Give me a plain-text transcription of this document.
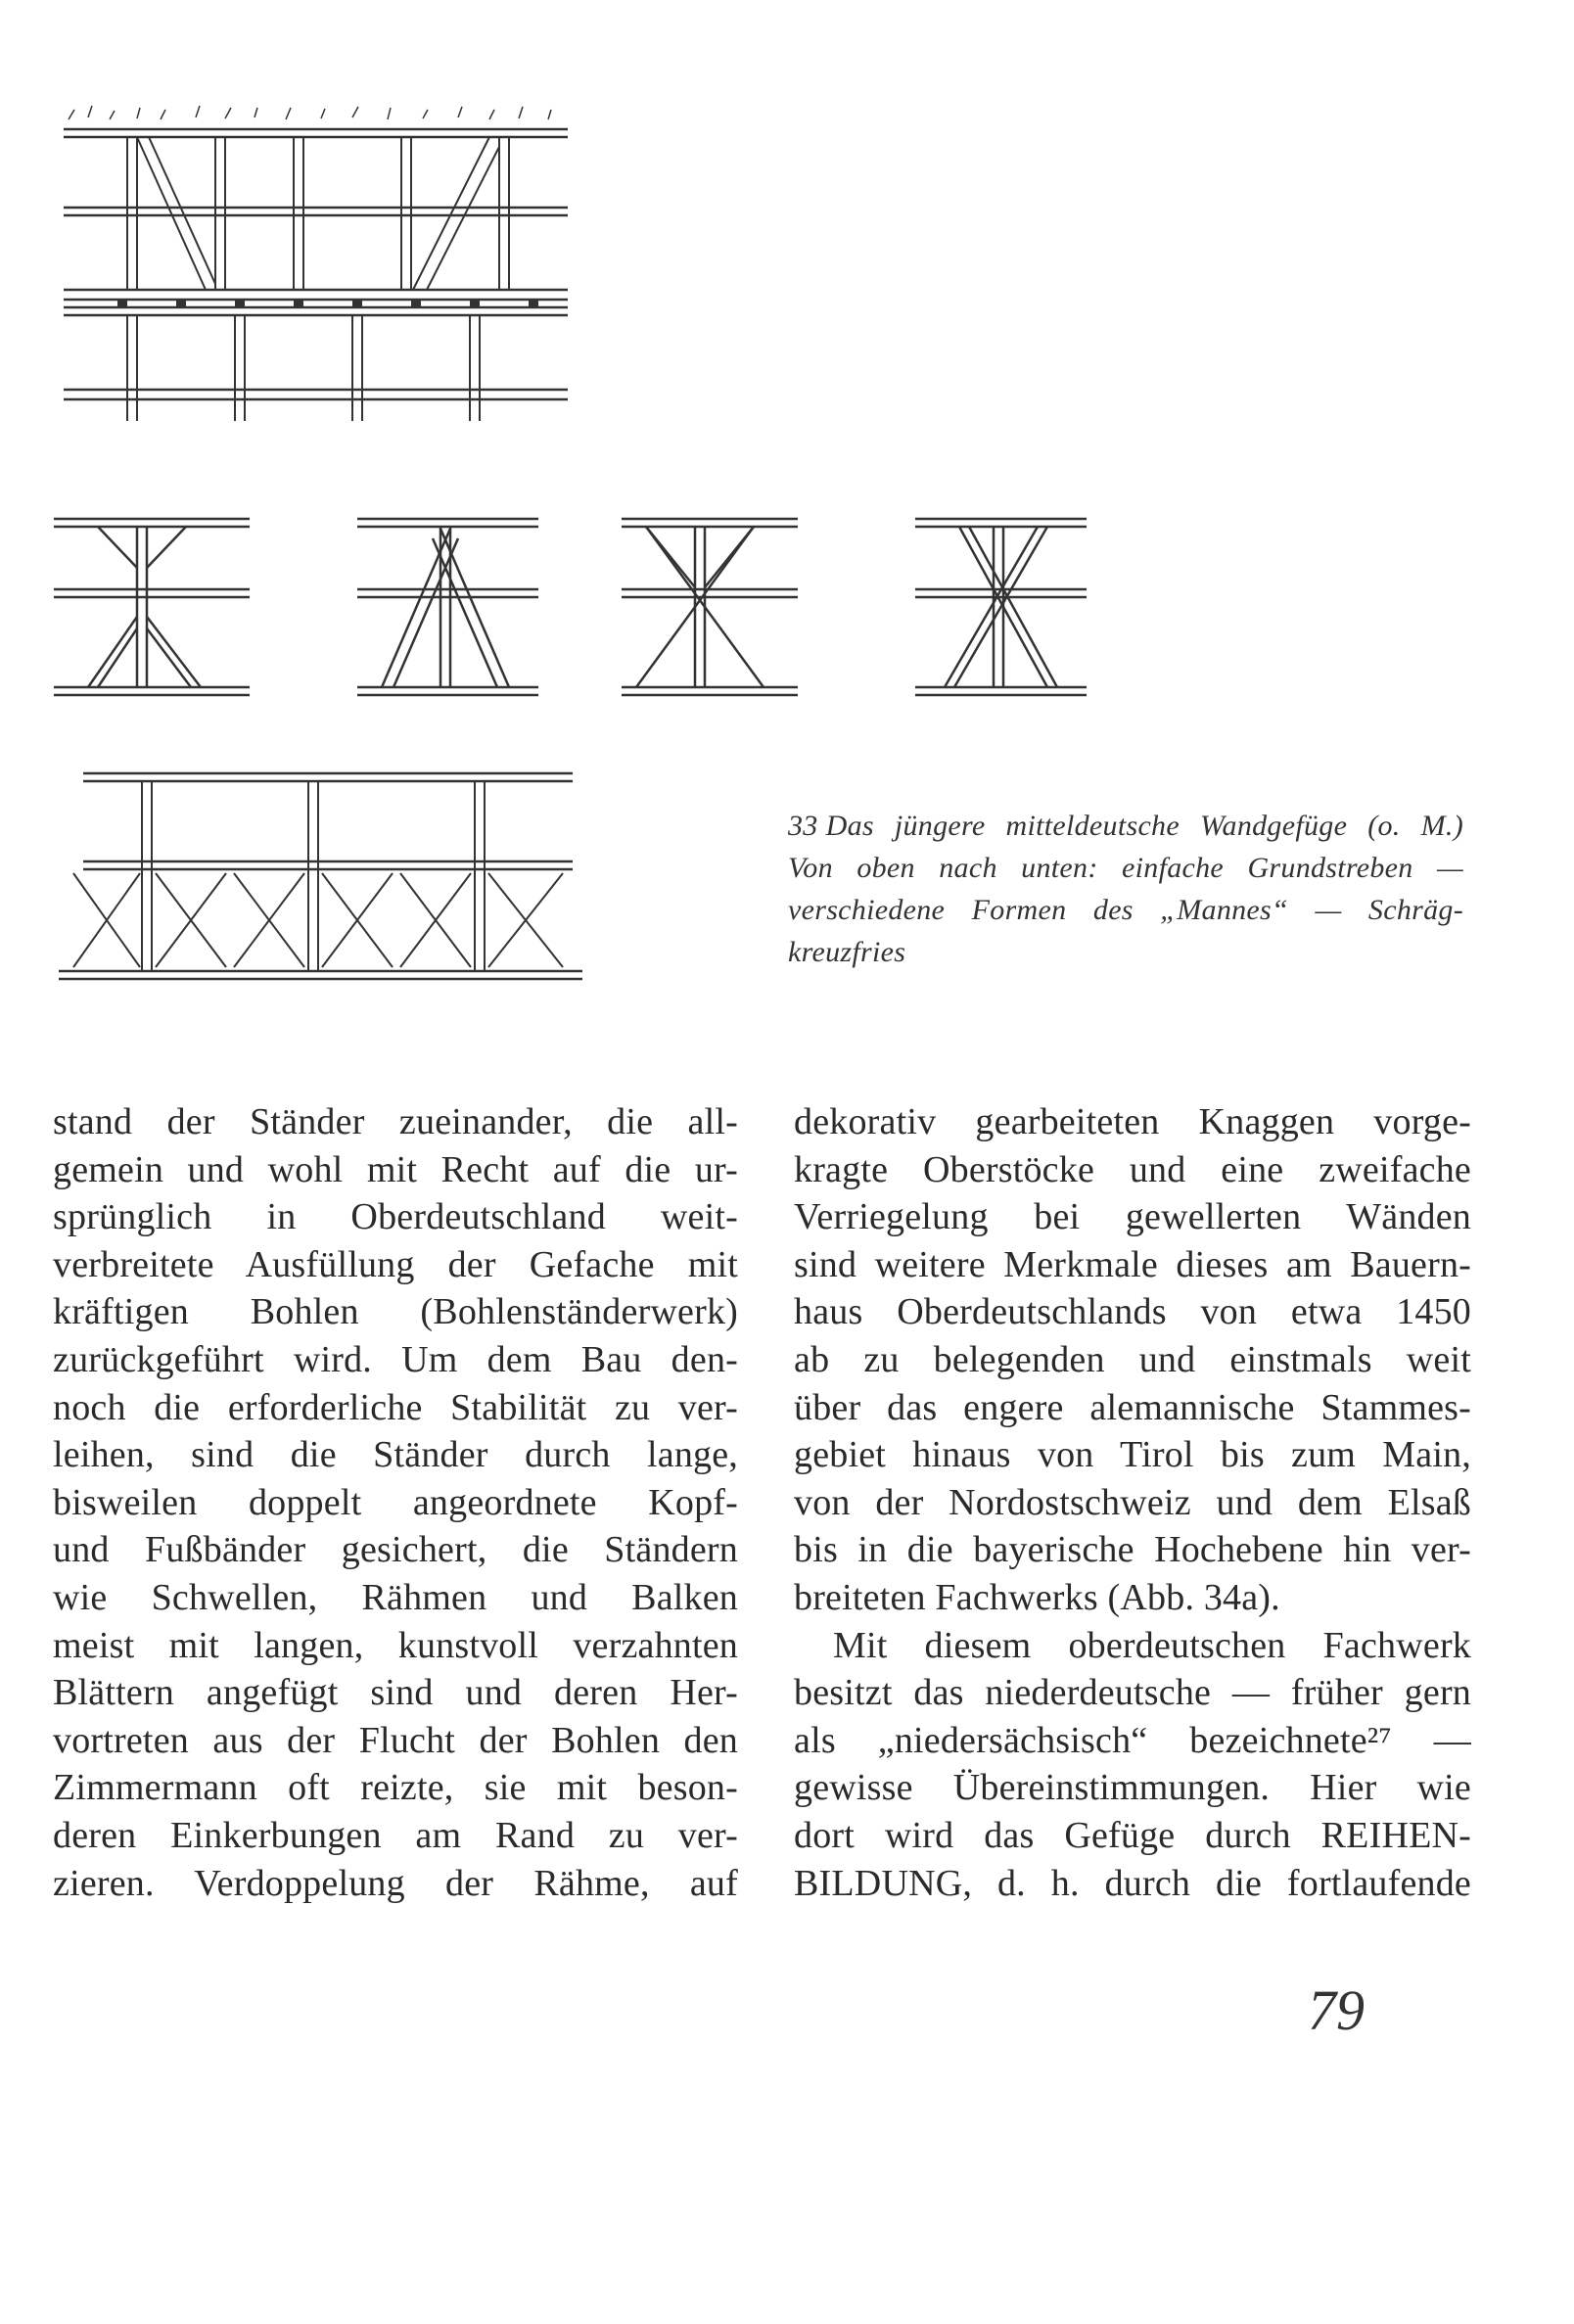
33 Das jüngere mitteldeutsche Wandgefüge (o. M.)
Von oben nach unten: einfache Grundstreben —
verschiedene Formen des „Mannes“ — Schräg-
kreuzfries
stand der Ständer zueinander, die all-
gemein und wohl mit Recht auf die ur-
sprünglich in Oberdeutschland weit-
verbreitete Ausfüllung der Gefache mit
kräftigen Bohlen (Bohlenständerwerk)
zurückgeführt wird. Um dem Bau den-
noch die erforderliche Stabilität zu ver-
leihen, sind die Ständer durch lange,
bisweilen doppelt angeordnete Kopf-
und Fußbänder gesichert, die Ständern
wie Schwellen, Rähmen und Balken
meist mit langen, kunstvoll verzahnten
Blättern angefügt sind und deren Her-
vortreten aus der Flucht der Bohlen den
Zimmermann oft reizte, sie mit beson-
deren Einkerbungen am Rand zu ver-
zieren. Verdoppelung der Rähme, auf
dekorativ gearbeiteten Knaggen vorge-
kragte Oberstöcke und eine zweifache
Verriegelung bei gewellerten Wänden
sind weitere Merkmale dieses am Bauern-
haus Oberdeutschlands von etwa 1450
ab zu belegenden und einstmals weit
über das engere alemannische Stammes-
gebiet hinaus von Tirol bis zum Main,
von der Nordostschweiz und dem Elsaß
bis in die bayerische Hochebene hin ver-
breiteten Fachwerks (Abb. 34a).
Mit diesem oberdeutschen Fachwerk
besitzt das niederdeutsche — früher gern
als „niedersächsisch“ bezeichnete²⁷ —
gewisse Übereinstimmungen. Hier wie
dort wird das Gefüge durch REIHEN-
BILDUNG, d. h. durch die fortlaufende
79
